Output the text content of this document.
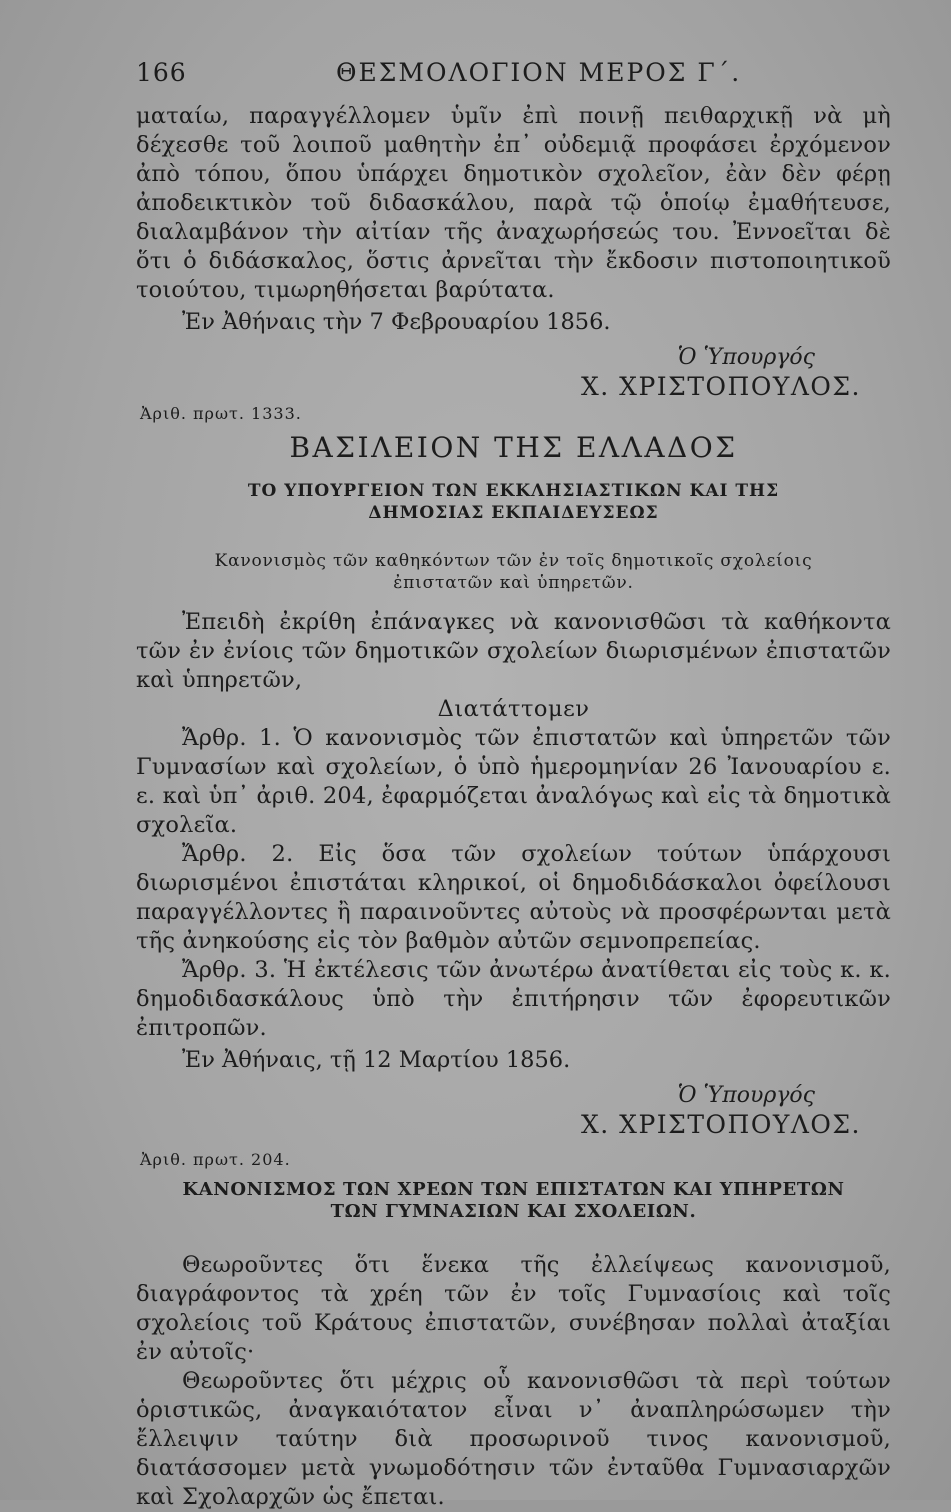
166	ΘΕΣΜΟΛΟΓΙΟΝ ΜΕΡΟΣ Γ΄.

ματαίω, παραγγέλλομεν ὑμῖν ἐπὶ ποινῇ πειθαρχικῇ νὰ μὴ δέχεσθε τοῦ λοιποῦ μαθητὴν ἐπ᾿ οὐδεμιᾷ προφάσει ἐρχόμενον ἀπὸ τόπου, ὅπου ὑπάρχει δημοτικὸν σχολεῖον, ἐὰν δὲν φέρῃ ἀποδεικτικὸν τοῦ διδασκάλου, παρὰ τῷ ὁποίῳ ἐμαθήτευσε, διαλαμβάνον τὴν αἰτίαν τῆς ἀναχωρήσεώς του. Ἐννοεῖται δὲ ὅτι ὁ διδάσκαλος, ὅστις ἀρνεῖται τὴν ἔκδοσιν πιστοποιητικοῦ τοιούτου, τιμωρηθήσεται βαρύτατα.

Ἐν Ἀθήναις τὴν 7 Φεβρουαρίου 1856.

Ὁ Ὑπουργός
Χ. ΧΡΙΣΤΟΠΟΥΛΟΣ.
Ἀριθ. πρωτ. 1333.
ΒΑΣΙΛΕΙΟΝ ΤΗΣ ΕΛΛΑΔΟΣ
ΤΟ ΥΠΟΥΡΓΕΙΟΝ ΤΩΝ ΕΚΚΛΗΣΙΑΣΤΙΚΩΝ ΚΑΙ ΤΗΣ
ΔΗΜΟΣΙΑΣ ΕΚΠΑΙΔΕΥΣΕΩΣ
Κανονισμὸς τῶν καθηκόντων τῶν ἐν τοῖς δημοτικοῖς σχολείοις ἐπιστατῶν καὶ ὑπηρετῶν.

Ἐπειδὴ ἐκρίθη ἐπάναγκες νὰ κανονισθῶσι τὰ καθήκοντα τῶν ἐν ἐνίοις τῶν δημοτικῶν σχολείων διωρισμένων ἐπιστατῶν καὶ ὑπηρετῶν,

Διατάττομεν

Ἄρθρ. 1. Ὁ κανονισμὸς τῶν ἐπιστατῶν καὶ ὑπηρετῶν τῶν Γυμνασίων καὶ σχολείων, ὁ ὑπὸ ἡμερομηνίαν 26 Ἰανουαρίου ε. ε. καὶ ὑπ᾿ ἀριθ. 204, ἐφαρμόζεται ἀναλόγως καὶ εἰς τὰ δημοτικὰ σχολεῖα.

Ἄρθρ. 2. Εἰς ὅσα τῶν σχολείων τούτων ὑπάρχουσι διωρισμένοι ἐπιστάται κληρικοί, οἱ δημοδιδάσκαλοι ὀφείλουσι παραγγέλλοντες ἢ παραινοῦντες αὐτοὺς νὰ προσφέρωνται μετὰ τῆς ἀνηκούσης εἰς τὸν βαθμὸν αὐτῶν σεμνοπρεπείας.

Ἄρθρ. 3. Ἡ ἐκτέλεσις τῶν ἀνωτέρω ἀνατίθεται εἰς τοὺς κ. κ. δημοδιδασκάλους ὑπὸ τὴν ἐπιτήρησιν τῶν ἐφορευτικῶν ἐπιτροπῶν.

Ἐν Ἀθήναις, τῇ 12 Μαρτίου 1856.

Ὁ Ὑπουργός
Χ. ΧΡΙΣΤΟΠΟΥΛΟΣ.
Ἀριθ. πρωτ. 204.
ΚΑΝΟΝΙΣΜΟΣ ΤΩΝ ΧΡΕΩΝ ΤΩΝ ΕΠΙΣΤΑΤΩΝ ΚΑΙ ΥΠΗΡΕΤΩΝ
ΤΩΝ ΓΥΜΝΑΣΙΩΝ ΚΑΙ ΣΧΟΛΕΙΩΝ.

Θεωροῦντες ὅτι ἕνεκα τῆς ἐλλείψεως κανονισμοῦ, διαγράφοντος τὰ χρέη τῶν ἐν τοῖς Γυμνασίοις καὶ τοῖς σχολείοις τοῦ Κράτους ἐπιστατῶν, συνέβησαν πολλαὶ ἀταξίαι ἐν αὐτοῖς·

Θεωροῦντες ὅτι μέχρις οὗ κανονισθῶσι τὰ περὶ τούτων ὁριστικῶς, ἀναγκαιότατον εἶναι ν᾿ ἀναπληρώσωμεν τὴν ἔλλειψιν ταύτην διὰ προσωρινοῦ τινος κανονισμοῦ, διατάσσομεν μετὰ γνωμοδότησιν τῶν ἐνταῦθα Γυμνασιαρχῶν καὶ Σχολαρχῶν ὡς ἔπεται.
